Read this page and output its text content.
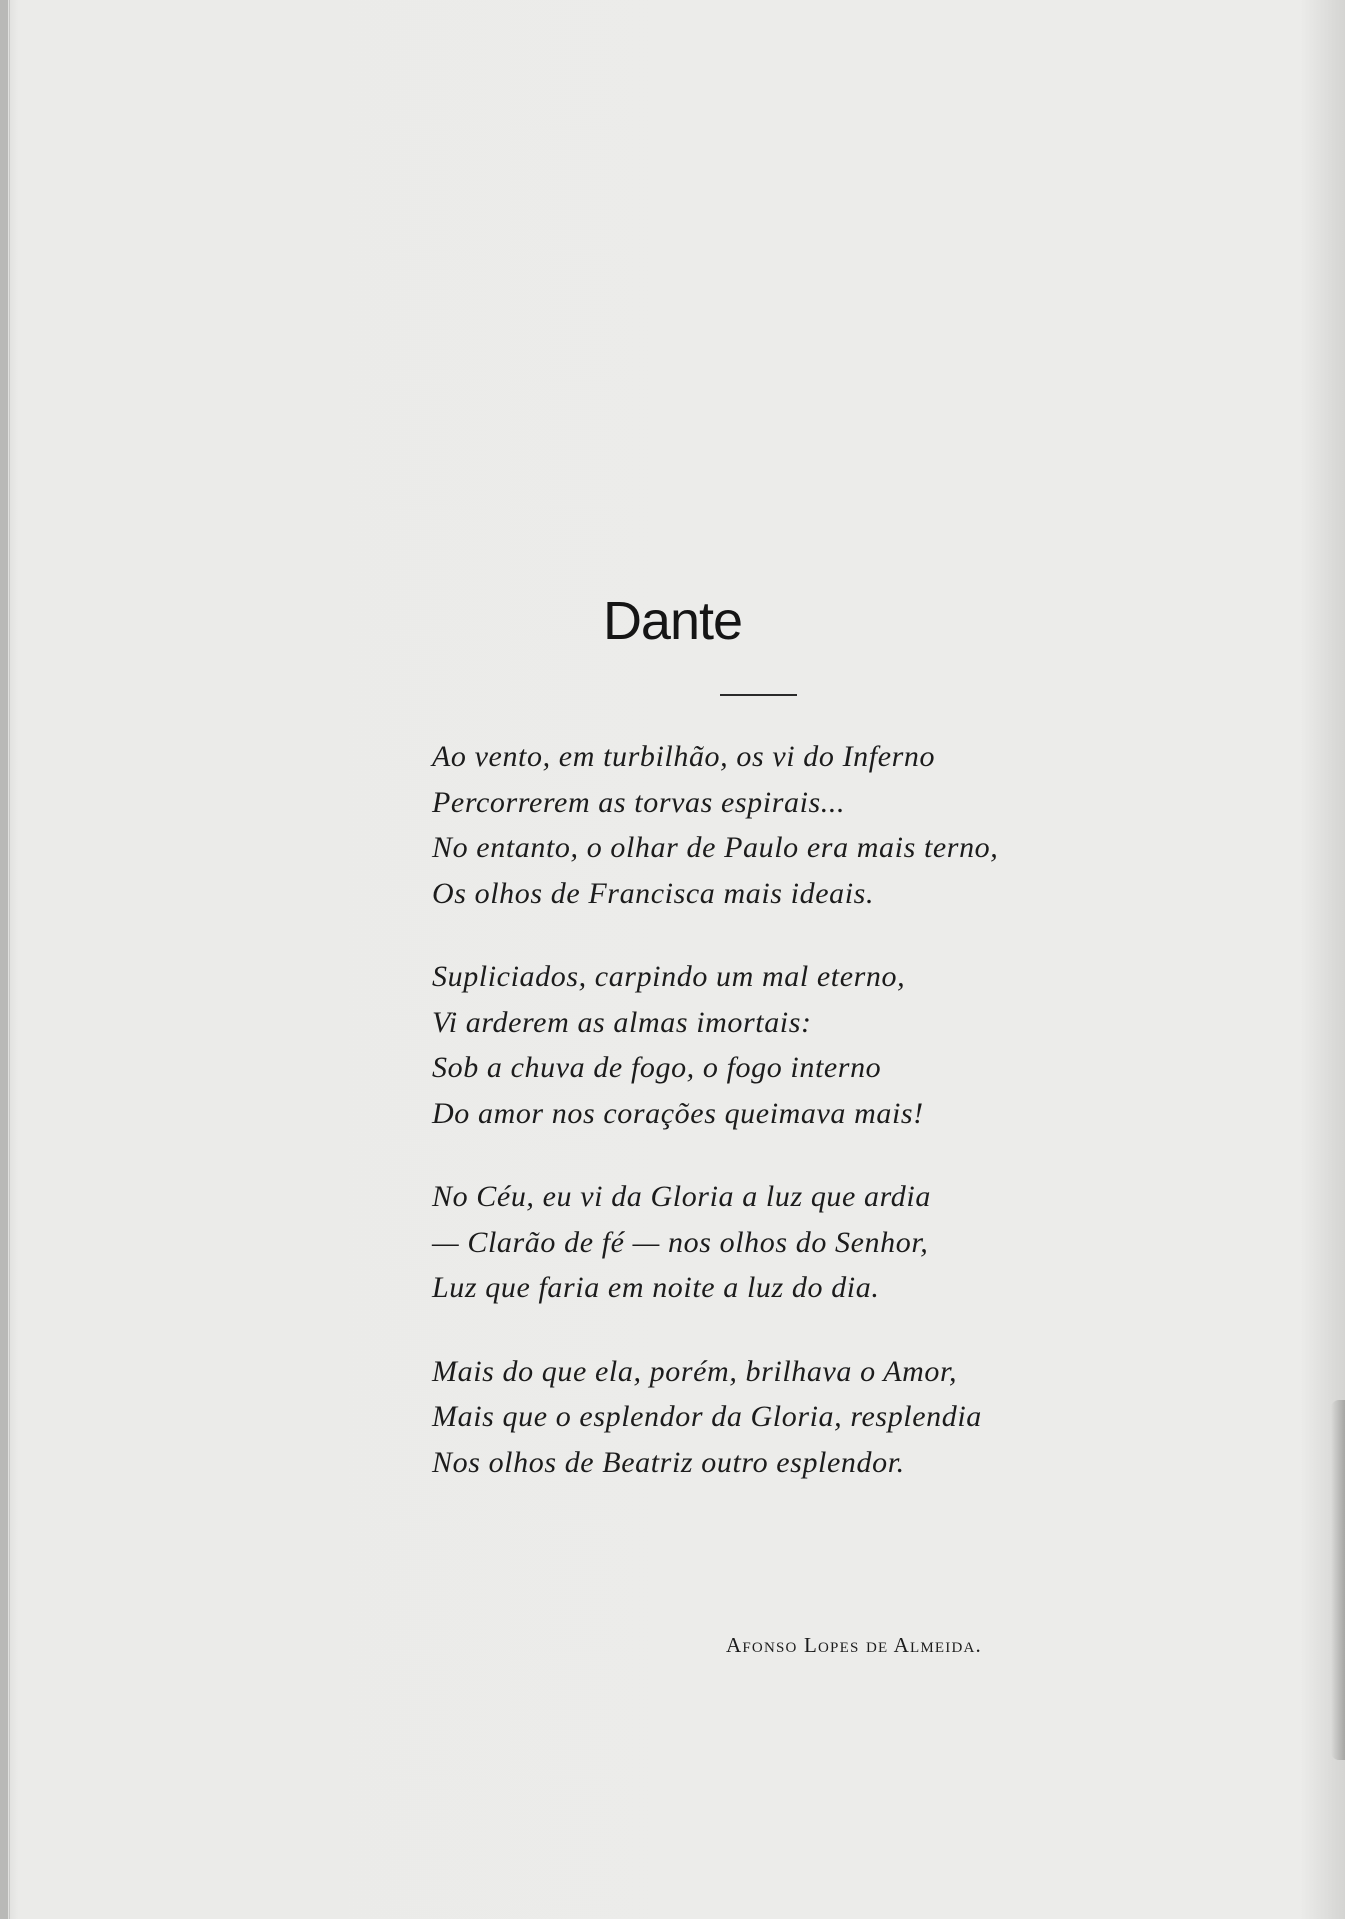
Dante
Ao vento, em turbilhão, os vi do Inferno
Percorrerem as torvas espirais...
No entanto, o olhar de Paulo era mais terno,
Os olhos de Francisca mais ideais.
Supliciados, carpindo um mal eterno,
Vi arderem as almas imortais:
Sob a chuva de fogo, o fogo interno
Do amor nos corações queimava mais!
No Céu, eu vi da Gloria a luz que ardia
— Clarão de fé — nos olhos do Senhor,
Luz que faria em noite a luz do dia.
Mais do que ela, porém, brilhava o Amor,
Mais que o esplendor da Gloria, resplendia
Nos olhos de Beatriz outro esplendor.
Afonso Lopes de Almeida.
